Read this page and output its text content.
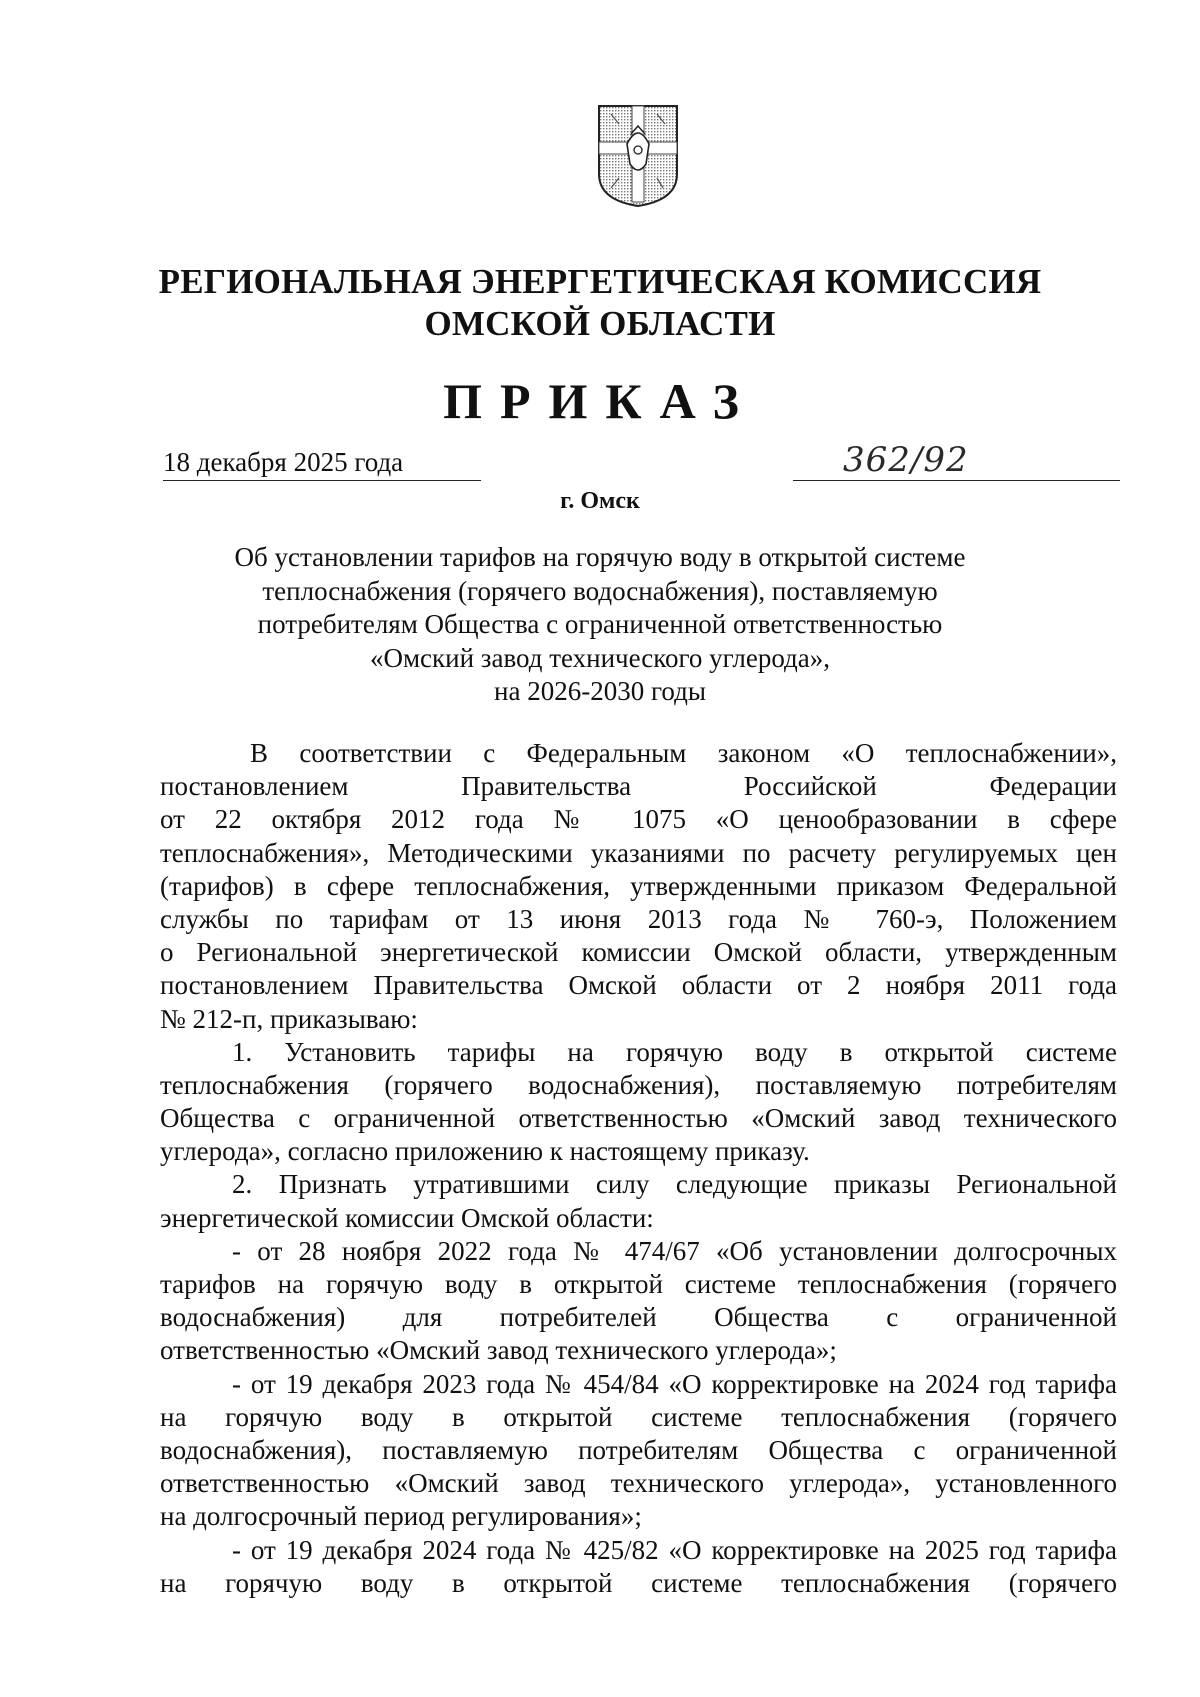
РЕГИОНАЛЬНАЯ ЭНЕРГЕТИЧЕСКАЯ КОМИССИЯ
ОМСКОЙ ОБЛАСТИ
ПРИКАЗ
18 декабря 2025 года	362/92
г. Омск
Об установлении тарифов на горячую воду в открытой системе
теплоснабжения (горячего водоснабжения), поставляемую
потребителям Общества с ограниченной ответственностью
«Омский завод технического углерода»,
на 2026-2030 годы
В соответствии с Федеральным законом «О теплоснабжении»,
постановлением Правительства Российской Федерации
от 22 октября 2012 года № 1075 «О ценообразовании в сфере
теплоснабжения», Методическими указаниями по расчету регулируемых цен
(тарифов) в сфере теплоснабжения, утвержденными приказом Федеральной
службы по тарифам от 13 июня 2013 года № 760-э, Положением
о Региональной энергетической комиссии Омской области, утвержденным
постановлением Правительства Омской области от 2 ноября 2011 года
№ 212-п, приказываю:
1. Установить тарифы на горячую воду в открытой системе
теплоснабжения (горячего водоснабжения), поставляемую потребителям
Общества с ограниченной ответственностью «Омский завод технического
углерода», согласно приложению к настоящему приказу.
2. Признать утратившими силу следующие приказы Региональной
энергетической комиссии Омской области:
- от 28 ноября 2022 года № 474/67 «Об установлении долгосрочных
тарифов на горячую воду в открытой системе теплоснабжения (горячего
водоснабжения) для потребителей Общества с ограниченной
ответственностью «Омский завод технического углерода»;
- от 19 декабря 2023 года № 454/84 «О корректировке на 2024 год тарифа
на горячую воду в открытой системе теплоснабжения (горячего
водоснабжения), поставляемую потребителям Общества с ограниченной
ответственностью «Омский завод технического углерода», установленного
на долгосрочный период регулирования»;
- от 19 декабря 2024 года № 425/82 «О корректировке на 2025 год тарифа
на горячую воду в открытой системе теплоснабжения (горячего
